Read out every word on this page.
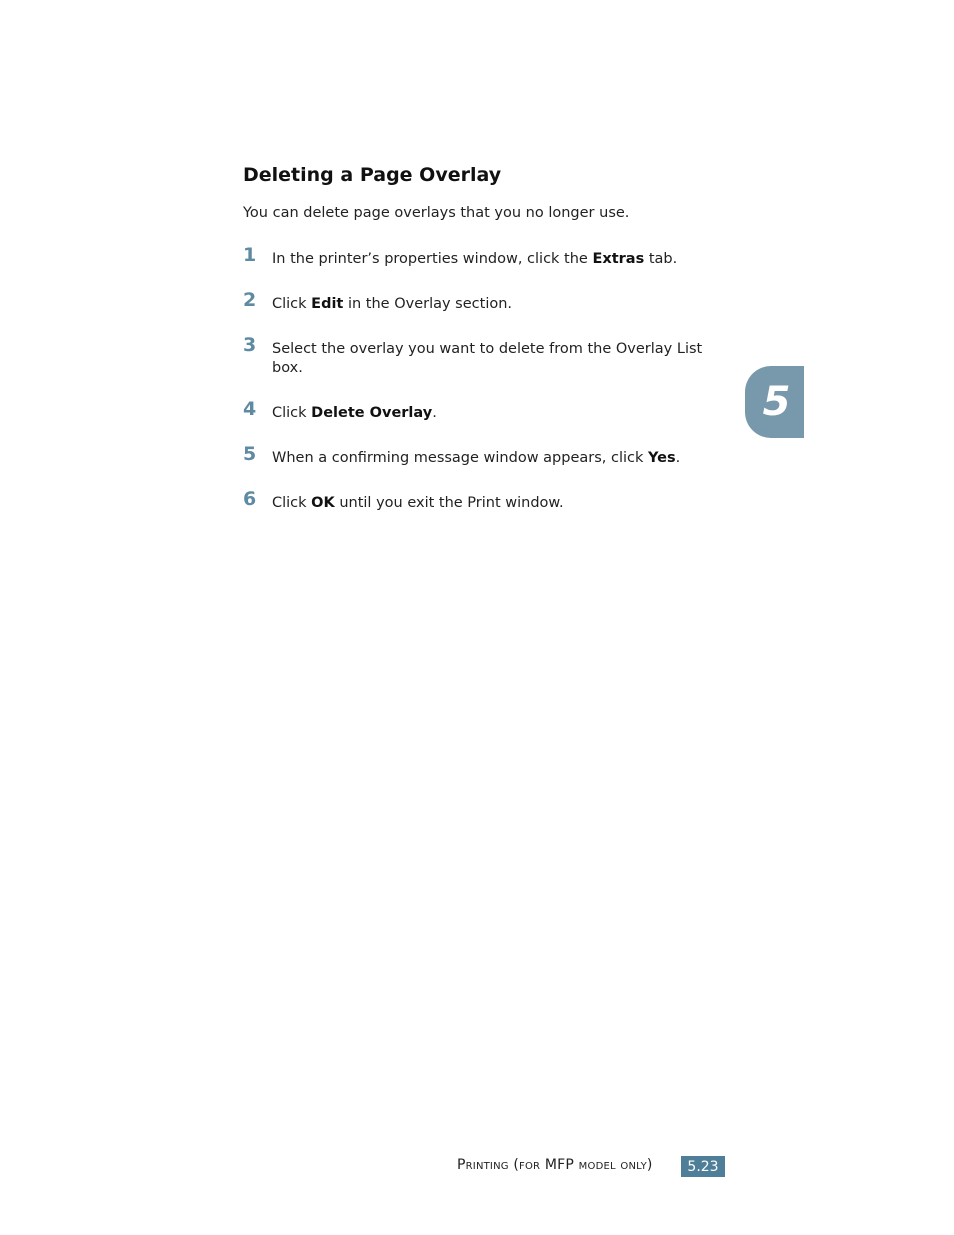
Deleting a Page Overlay

You can delete page overlays that you no longer use.

1 In the printer’s properties window, click the Extras tab.
2 Click Edit in the Overlay section.
3 Select the overlay you want to delete from the Overlay List box.
4 Click Delete Overlay.
5 When a confirming message window appears, click Yes.
6 Click OK until you exit the Print window.
5
Printing (for MFP model only)	5.23
